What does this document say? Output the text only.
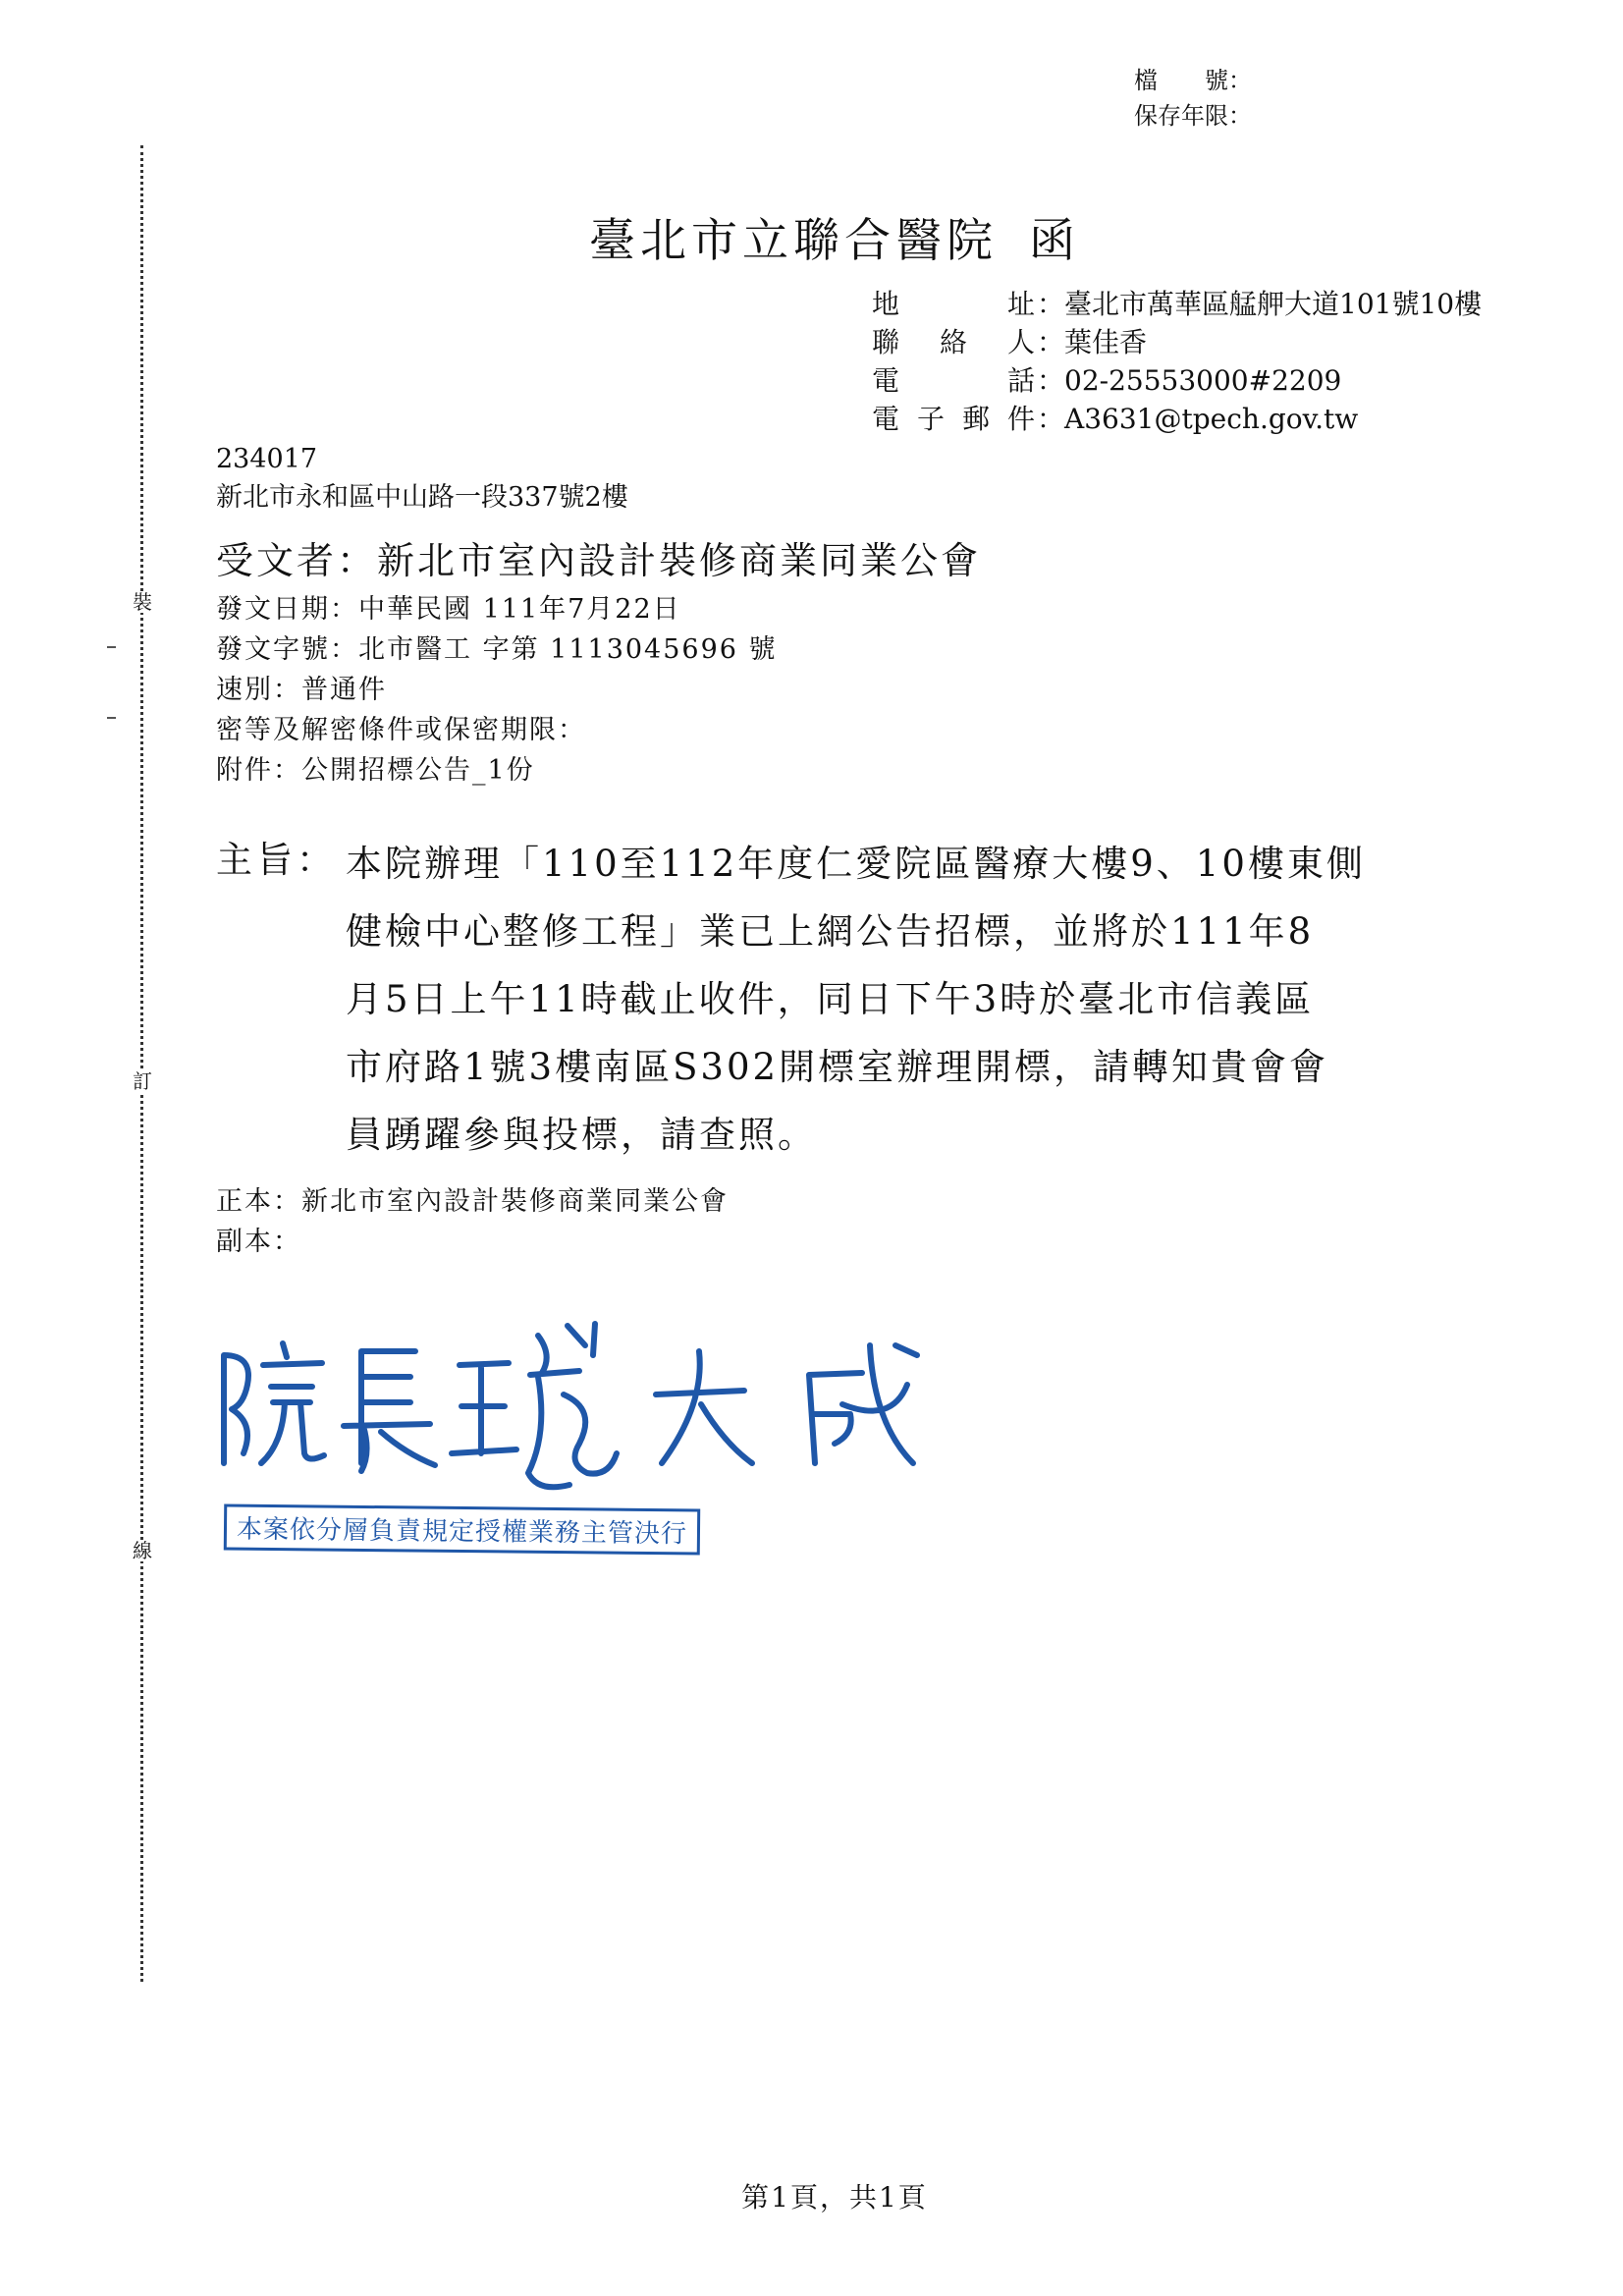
裝
訂
線
檔　　號：
保存年限：
臺北市立聯合醫院 函
地　　址 ：臺北市萬華區艋舺大道101號10樓
聯 絡 人 ：葉佳香
電　　話 ：02-25553000#2209
電子郵件 ：A3631@tpech.gov.tw
234017
新北市永和區中山路一段337號2樓
受文者：新北市室內設計裝修商業同業公會
發文日期：中華民國 111年7月22日
發文字號：北市醫工 字第 1113045696 號
速別：普通件
密等及解密條件或保密期限：
附件：公開招標公告_1份
主旨： 本院辦理「110至112年度仁愛院區醫療大樓9、10樓東側
健檢中心整修工程」業已上網公告招標，並將於111年8
月5日上午11時截止收件，同日下午3時於臺北市信義區
市府路1號3樓南區S302開標室辦理開標，請轉知貴會會
員踴躍參與投標，請查照。
正本：新北市室內設計裝修商業同業公會
副本：
本案依分層負責規定授權業務主管決行
第1頁，共1頁
